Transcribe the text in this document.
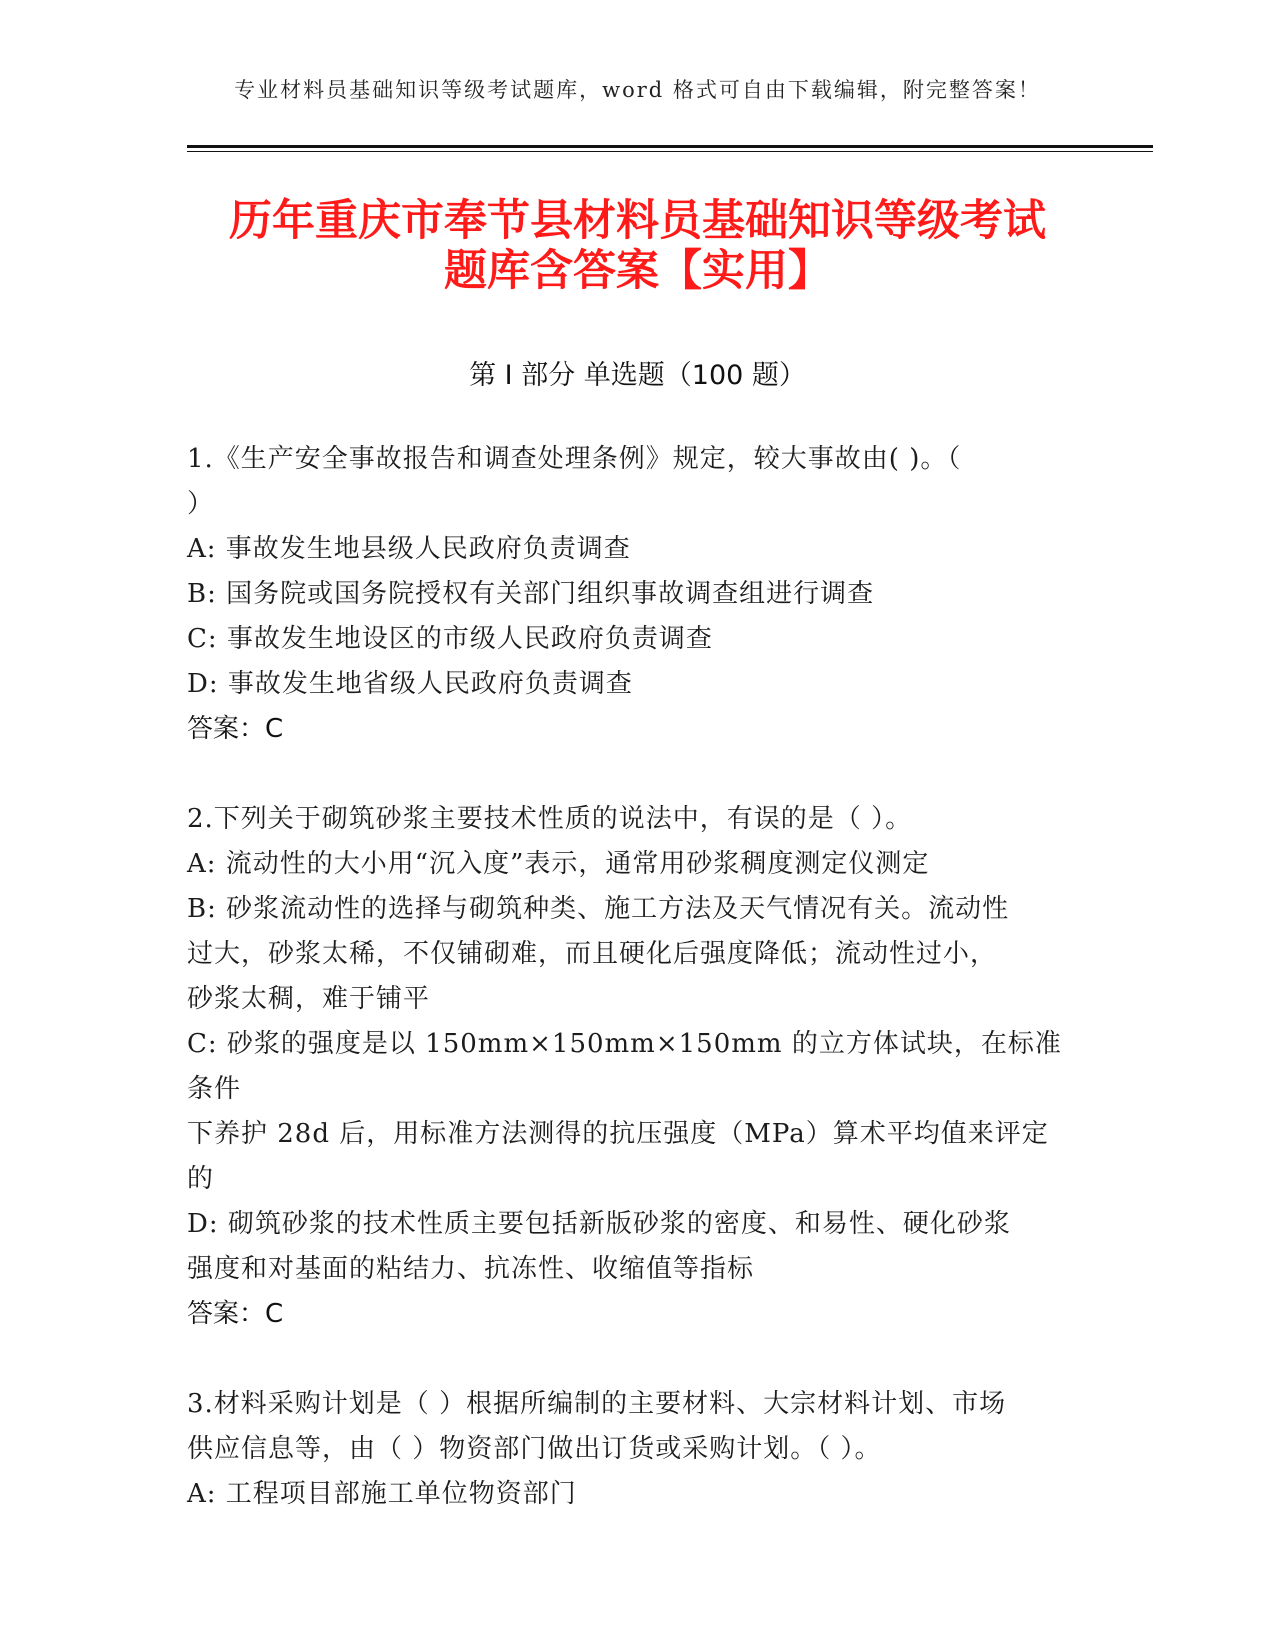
专业材料员基础知识等级考试题库，word 格式可自由下载编辑，附完整答案！
历年重庆市奉节县材料员基础知识等级考试
题库含答案【实用】
第 I 部分 单选题（100 题）

1.《生产安全事故报告和调查处理条例》规定，较大事故由( )。（

）

A: 事故发生地县级人民政府负责调查

B: 国务院或国务院授权有关部门组织事故调查组进行调查

C: 事故发生地设区的市级人民政府负责调查

D: 事故发生地省级人民政府负责调查

答案：C

2.下列关于砌筑砂浆主要技术性质的说法中，有误的是（ ）。

A: 流动性的大小用“沉入度”表示，通常用砂浆稠度测定仪测定

B: 砂浆流动性的选择与砌筑种类、施工方法及天气情况有关。流动性

过大，砂浆太稀，不仅铺砌难，而且硬化后强度降低；流动性过小，

砂浆太稠，难于铺平

C: 砂浆的强度是以 150mm×150mm×150mm 的立方体试块，在标准条件

下养护 28d 后，用标准方法测得的抗压强度（MPa）算术平均值来评定

的

D: 砌筑砂浆的技术性质主要包括新版砂浆的密度、和易性、硬化砂浆

强度和对基面的粘结力、抗冻性、收缩值等指标

答案：C

3.材料采购计划是（ ）根据所编制的主要材料、大宗材料计划、市场

供应信息等，由（ ）物资部门做出订货或采购计划。（ ）。

A: 工程项目部施工单位物资部门
